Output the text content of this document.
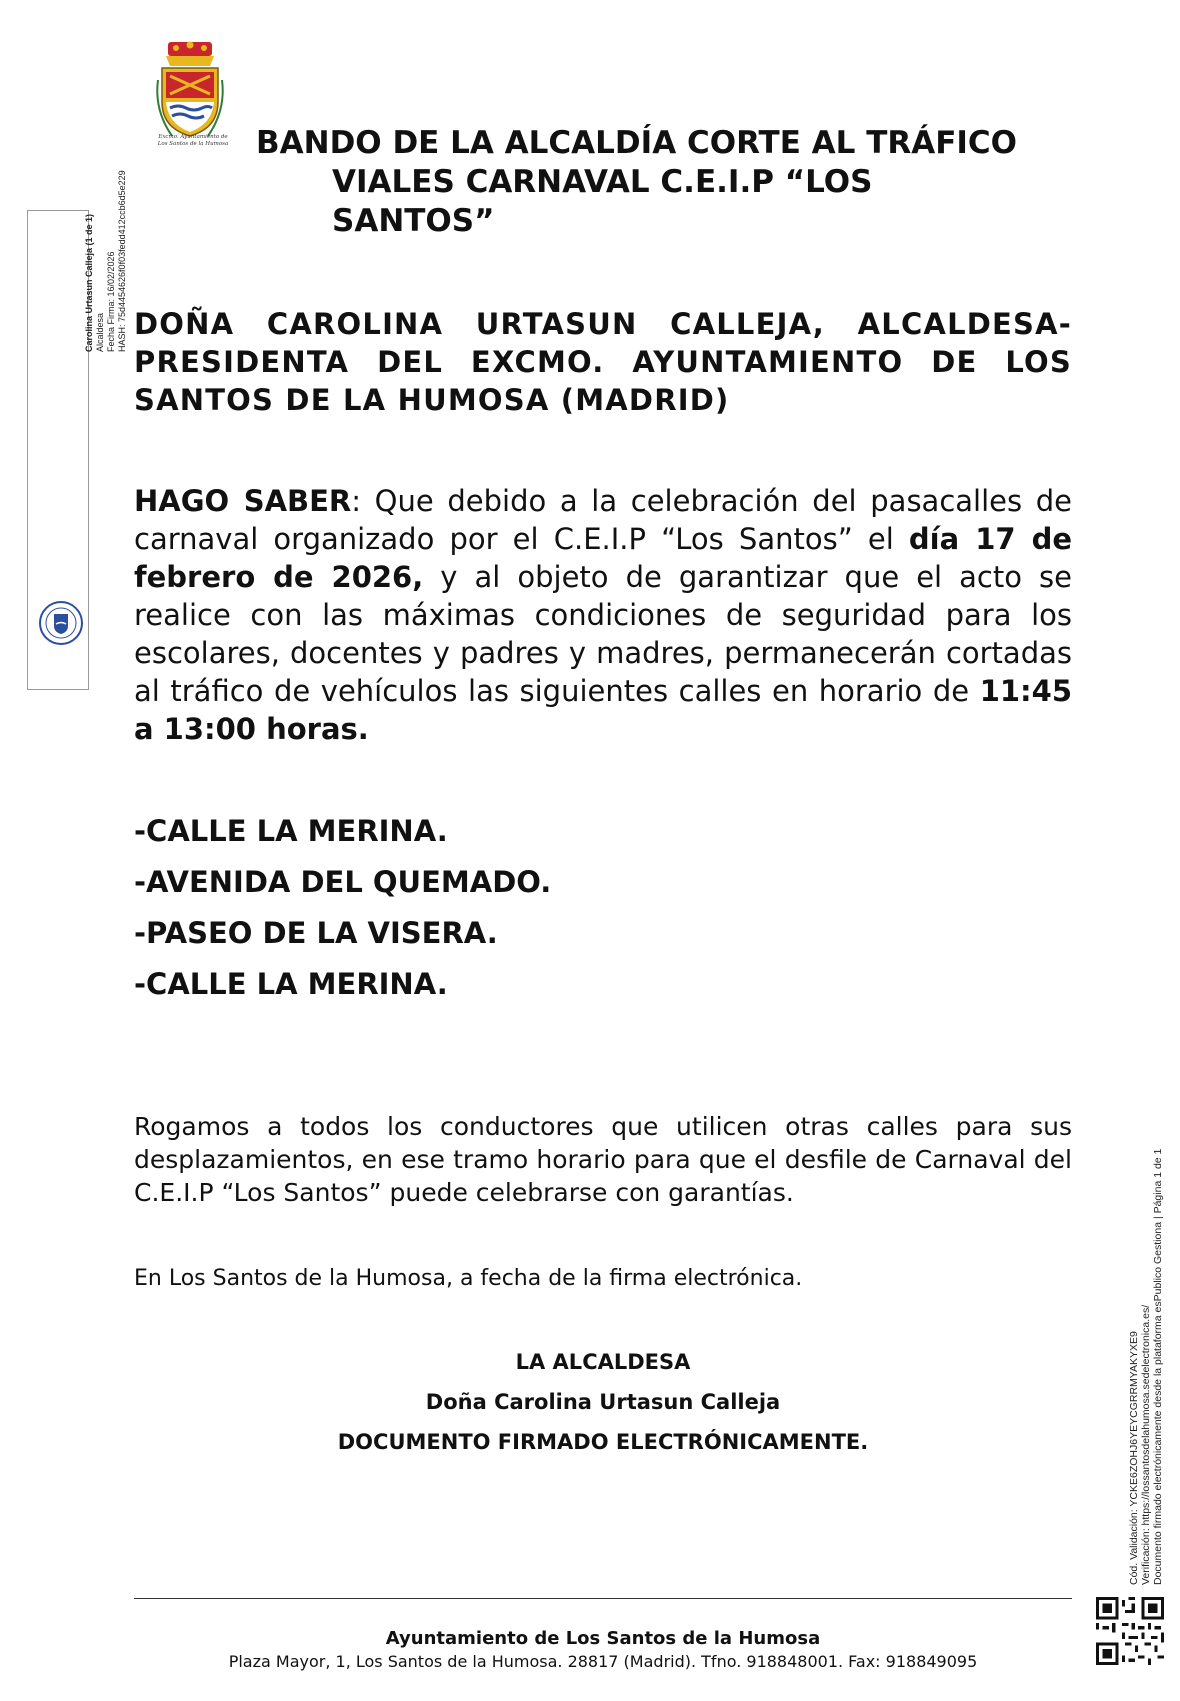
Excmo. Ayuntamiento de
Los Santos de la Humosa BANDO DE LA ALCALDÍA CORTE AL TRÁFICO
VIALES CARNAVAL C.E.I.P “LOS SANTOS”
Carolina Urtasun Calleja (1 de 1) Alcaldesa Fecha Firma: 16/02/2026 HASH: 75d4454626f0f03fedd412ccb6d5e229 DOÑA CAROLINA URTASUN CALLEJA, ALCALDESA-PRESIDENTA DEL EXCMO. AYUNTAMIENTO DE LOS SANTOS DE LA HUMOSA (MADRID)
HAGO SABER: Que debido a la celebración del pasacalles de carnaval organizado por el C.E.I.P “Los Santos” el día 17 de febrero de 2026, y al objeto de garantizar que el acto se realice con las máximas condiciones de seguridad para los escolares, docentes y padres y madres, permanecerán cortadas al tráfico de vehículos las siguientes calles en horario de 11:45 a 13:00 horas.
-CALLE LA MERINA.
-AVENIDA DEL QUEMADO.
-PASEO DE LA VISERA.
-CALLE LA MERINA.
Rogamos a todos los conductores que utilicen otras calles para sus desplazamientos, en ese tramo horario para que el desfile de Carnaval del C.E.I.P “Los Santos” puede celebrarse con garantías.
En Los Santos de la Humosa, a fecha de la firma electrónica.
LA ALCALDESA
Doña Carolina Urtasun Calleja
DOCUMENTO FIRMADO ELECTRÓNICAMENTE.
Ayuntamiento de Los Santos de la Humosa
Plaza Mayor, 1, Los Santos de la Humosa. 28817 (Madrid). Tfno. 918848001. Fax: 918849095
Cód. Validación: YCKE6ZOHJ6YEYCGRRMYAKYXE9 Verificación: https://lossantosdelahumosa.sedelectronica.es/ Documento firmado electrónicamente desde la plataforma esPublico Gestiona | Página 1 de 1
